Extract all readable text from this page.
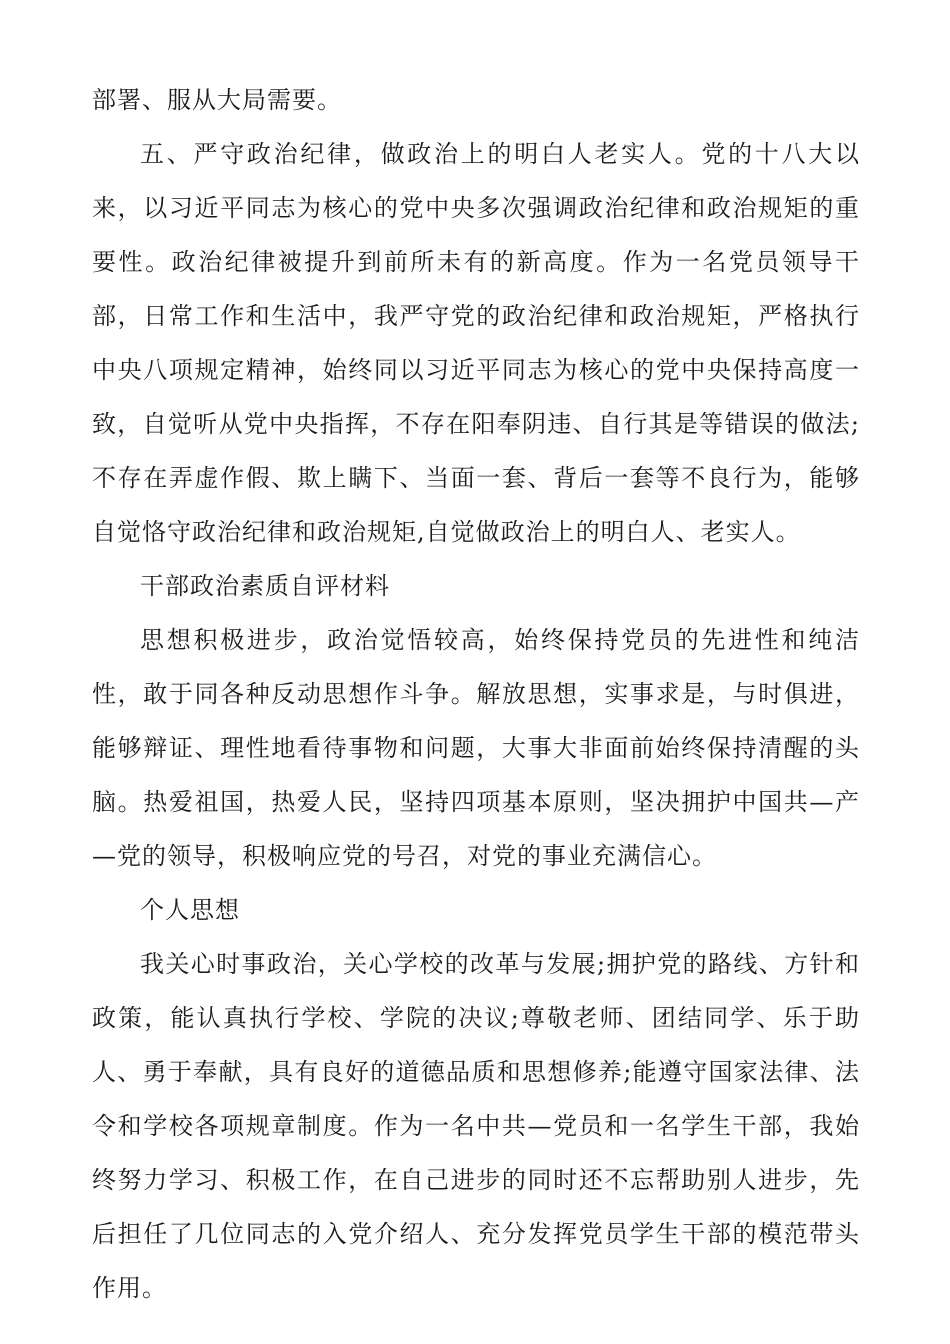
部署、服从大局需要。

五、严守政治纪律，做政治上的明白人老实人。党的十八大以来，以习近平同志为核心的党中央多次强调政治纪律和政治规矩的重要性。政治纪律被提升到前所未有的新高度。作为一名党员领导干部，日常工作和生活中，我严守党的政治纪律和政治规矩，严格执行中央八项规定精神，始终同以习近平同志为核心的党中央保持高度一致，自觉听从党中央指挥，不存在阳奉阴违、自行其是等错误的做法;不存在弄虚作假、欺上瞒下、当面一套、背后一套等不良行为，能够自觉恪守政治纪律和政治规矩,自觉做政治上的明白人、老实人。

干部政治素质自评材料

思想积极进步，政治觉悟较高，始终保持党员的先进性和纯洁性，敢于同各种反动思想作斗争。解放思想，实事求是，与时俱进，能够辩证、理性地看待事物和问题，大事大非面前始终保持清醒的头脑。热爱祖国，热爱人民，坚持四项基本原则，坚决拥护中国共—产—党的领导，积极响应党的号召，对党的事业充满信心。

个人思想

我关心时事政治，关心学校的改革与发展;拥护党的路线、方针和政策，能认真执行学校、学院的决议;尊敬老师、团结同学、乐于助人、勇于奉献，具有良好的道德品质和思想修养;能遵守国家法律、法令和学校各项规章制度。作为一名中共—党员和一名学生干部，我始终努力学习、积极工作，在自己进步的同时还不忘帮助别人进步，先后担任了几位同志的入党介绍人、充分发挥党员学生干部的模范带头作用。
